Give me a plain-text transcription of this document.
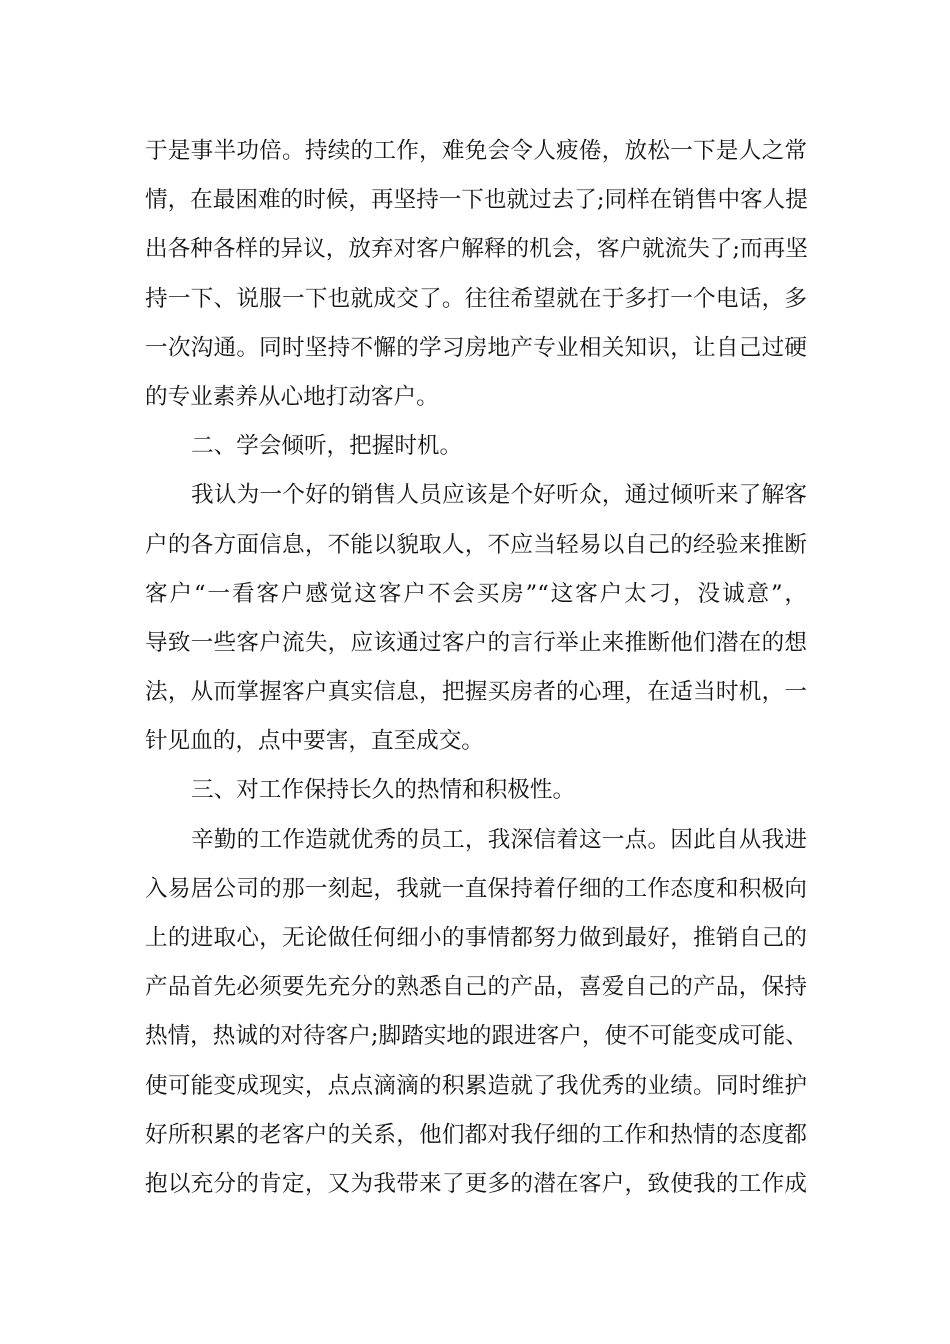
于是事半功倍。持续的工作，难免会令人疲倦，放松一下是人之常
情，在最困难的时候，再坚持一下也就过去了;同样在销售中客人提
出各种各样的异议，放弃对客户解释的机会，客户就流失了;而再坚
持一下、说服一下也就成交了。往往希望就在于多打一个电话，多
一次沟通。同时坚持不懈的学习房地产专业相关知识，让自己过硬
的专业素养从心地打动客户。
二、学会倾听，把握时机。
我认为一个好的销售人员应该是个好听众，通过倾听来了解客
户的各方面信息，不能以貌取人，不应当轻易以自己的经验来推断
客户“一看客户感觉这客户不会买房”“这客户太刁，没诚意”，
导致一些客户流失，应该通过客户的言行举止来推断他们潜在的想
法，从而掌握客户真实信息，把握买房者的心理，在适当时机，一
针见血的，点中要害，直至成交。
三、对工作保持长久的热情和积极性。
辛勤的工作造就优秀的员工，我深信着这一点。因此自从我进
入易居公司的那一刻起，我就一直保持着仔细的工作态度和积极向
上的进取心，无论做任何细小的事情都努力做到最好，推销自己的
产品首先必须要先充分的熟悉自己的产品，喜爱自己的产品，保持
热情，热诚的对待客户;脚踏实地的跟进客户，使不可能变成可能、
使可能变成现实，点点滴滴的积累造就了我优秀的业绩。同时维护
好所积累的老客户的关系，他们都对我仔细的工作和热情的态度都
抱以充分的肯定，又为我带来了更多的潜在客户，致使我的工作成
